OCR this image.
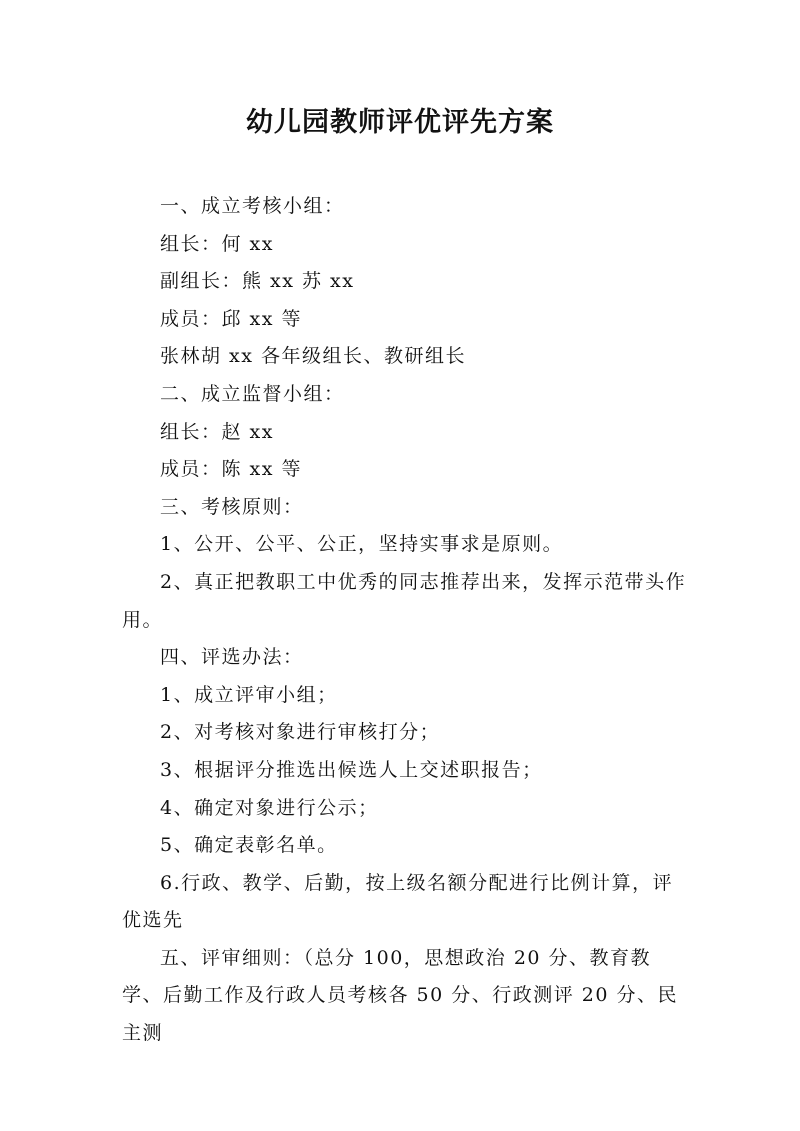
幼儿园教师评优评先方案

一、成立考核小组：

组长：何 xx

副组长：熊 xx 苏 xx

成员：邱 xx 等

张林胡 xx 各年级组长、教研组长

二、成立监督小组：

组长：赵 xx

成员：陈 xx 等

三、考核原则：

1、公开、公平、公正，坚持实事求是原则。

2、真正把教职工中优秀的同志推荐出来，发挥示范带头作用。

四、评选办法：

1、成立评审小组；

2、对考核对象进行审核打分；

3、根据评分推选出候选人上交述职报告；

4、确定对象进行公示；

5、确定表彰名单。

6.行政、教学、后勤，按上级名额分配进行比例计算，评优选先

五、评审细则：（总分 100，思想政治 20 分、教育教学、后勤工作及行政人员考核各 50 分、行政测评 20 分、民主测
